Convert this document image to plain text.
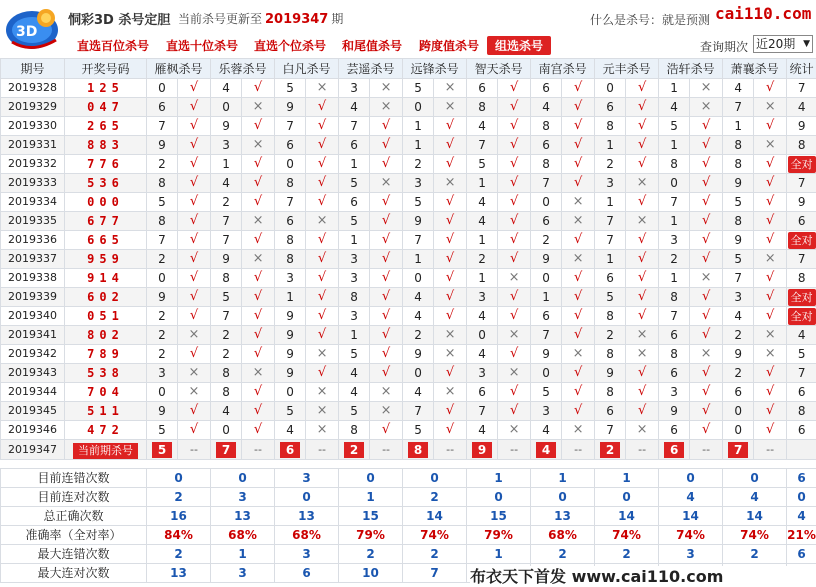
3D
恫彩3D 杀号定胆 当前杀号更新至 2019347 期	什么是杀号：就是预测 cai110.com
直选百位杀号 直选十位杀号 直选个位杀号 和尾值杀号 跨度值杀号	组选杀号	查询期次 近20期 ▼
期号	开奖号码	雁枫杀号		乐蓉杀号		白凡杀号		芸遥杀号		远锋杀号		智天杀号		南宫杀号		元丰杀号		浩轩杀号		萧襄杀号		统计
2019328	125	0	√	4	√	5	×	3	×	5	×	6	√	6	√	0	√	1	×	4	√	7
2019329	047	6	√	0	×	9	√	4	×	0	×	8	√	4	√	6	√	4	×	7	×	4
2019330	265	7	√	9	√	7	√	7	√	1	√	4	√	8	√	8	√	5	√	1	√	9
2019331	883	9	√	3	×	6	√	6	√	1	√	7	√	6	√	1	√	1	√	8	×	8
2019332	776	2	√	1	√	0	√	1	√	2	√	5	√	8	√	2	√	8	√	8	√	全对
2019333	536	8	√	4	√	8	√	5	×	3	×	1	√	7	√	3	×	0	√	9	√	7
2019334	000	5	√	2	√	7	√	6	√	5	√	4	√	0	×	1	√	7	√	5	√	9
2019335	677	8	√	7	×	6	×	5	√	9	√	4	√	6	×	7	×	1	√	8	√	6
2019336	665	7	√	7	√	8	√	1	√	7	√	1	√	2	√	7	√	3	√	9	√	全对
2019337	959	2	√	9	×	8	√	3	√	1	√	2	√	9	×	1	√	2	√	5	×	7
2019338	914	0	√	8	√	3	√	3	√	0	√	1	×	0	√	6	√	1	×	7	√	8
2019339	602	9	√	5	√	1	√	8	√	4	√	3	√	1	√	5	√	8	√	3	√	全对
2019340	051	2	√	7	√	9	√	3	√	4	√	4	√	6	√	8	√	7	√	4	√	全对
2019341	802	2	×	2	√	9	√	1	√	2	×	0	×	7	√	2	×	6	√	2	×	4
2019342	789	2	√	2	√	9	×	5	√	9	×	4	√	9	×	8	×	8	×	9	×	5
2019343	538	3	×	8	×	9	√	4	√	0	√	3	×	0	√	9	√	6	√	2	√	7
2019344	704	0	×	8	√	0	×	4	×	4	×	6	√	5	√	8	√	3	√	6	√	6
2019345	511	9	√	4	√	5	×	5	×	7	√	7	√	3	√	6	√	9	√	0	√	8
2019346	472	5	√	0	√	4	×	8	√	5	√	4	×	4	×	7	×	6	√	0	√	6
2019347	当前期杀号	5	--	7	--	6	--	2	--	8	--	9	--	4	--	2	--	6	--	7	--	
目前连错次数	0	0	3	0	0	1	1	1	0	0	6
目前连对次数	2	3	0	1	2	0	0	0	4	4	0
总正确次数	16	13	13	15	14	15	13	14	14	14	4
准确率（全对率）	84%	68%	68%	79%	74%	79%	68%	74%	74%	74%	21%
最大连错次数	2	1	3	2	2	1	2	2	3	2	6
最大连对次数	13	3	6	10	7						布衣天下首发 www.cai110.com
